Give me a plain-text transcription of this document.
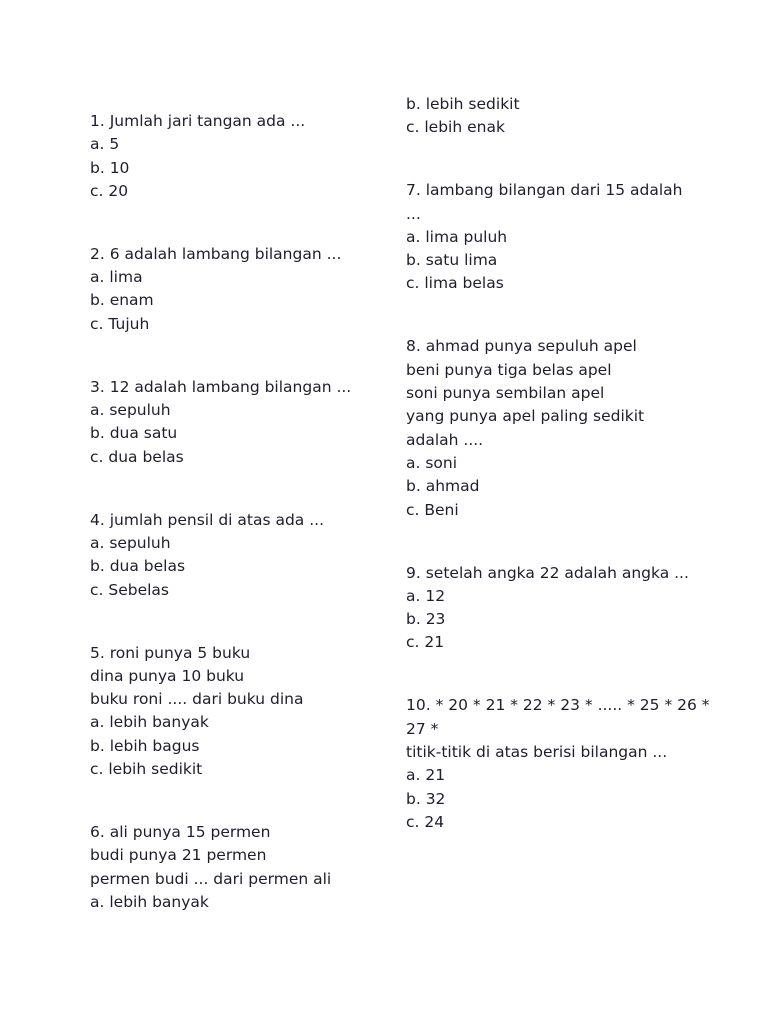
1. Jumlah jari tangan ada ...
a. 5
b. 10
c. 20
2. 6 adalah lambang bilangan ...
a. lima
b. enam
c. Tujuh
3. 12 adalah lambang bilangan ...
a. sepuluh
b. dua satu
c. dua belas
4. jumlah pensil di atas ada ...
a. sepuluh
b. dua belas
c. Sebelas
5. roni punya 5 buku
dina punya 10 buku
buku roni .... dari buku dina
a. lebih banyak
b. lebih bagus
c. lebih sedikit
6. ali punya 15 permen
budi punya 21 permen
permen budi ... dari permen ali
a. lebih banyak
b. lebih sedikit
c. lebih enak
7. lambang bilangan dari 15 adalah
...
a. lima puluh
b. satu lima
c. lima belas
8. ahmad punya sepuluh apel
beni punya tiga belas apel
soni punya sembilan apel
yang punya apel paling sedikit
adalah ....
a. soni
b. ahmad
c. Beni
9. setelah angka 22 adalah angka ...
a. 12
b. 23
c. 21
10. * 20 * 21 * 22 * 23 * ..... * 25 * 26 *
27 *
titik-titik di atas berisi bilangan ...
a. 21
b. 32
c. 24
